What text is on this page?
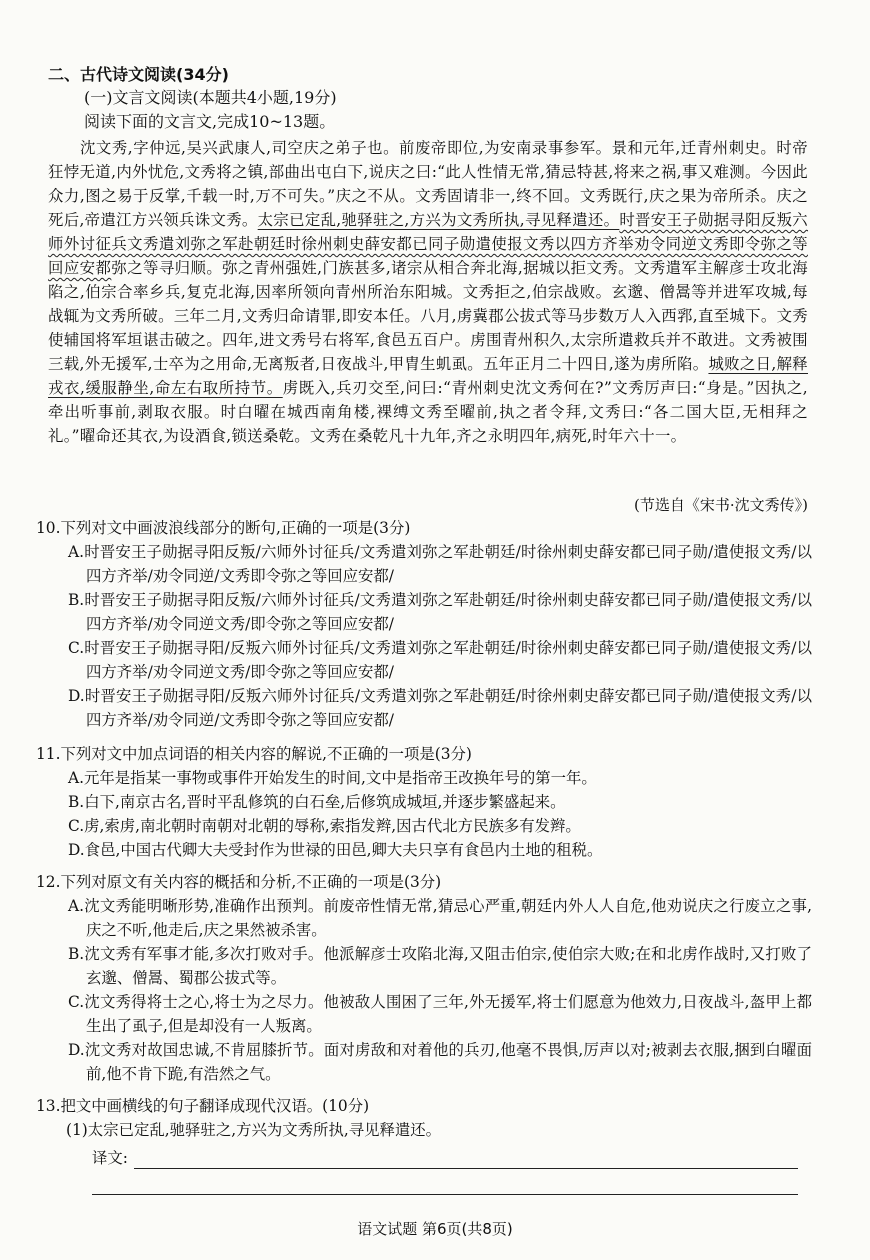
二、古代诗文阅读(34分)
(一)文言文阅读(本题共4小题,19分)
阅读下面的文言文,完成10~13题。
沈文秀,字仲远,吴兴武康人,司空庆之弟子也。前废帝即位,为安南录事参军。景和元年,迁青州刺史。时帝狂悖无道,内外忧危,文秀将之镇,部曲出屯白下,说庆之曰:“此人性情无常,猜忌特甚,将来之祸,事又难测。今因此众力,图之易于反掌,千载一时,万不可失。”庆之不从。文秀固请非一,终不回。文秀既行,庆之果为帝所杀。庆之死后,帝遣江方兴领兵诛文秀。太宗已定乱,驰驿驻之,方兴为文秀所执,寻见释遣还。时晋安王子勋据寻阳反叛六师外讨征兵文秀遣刘弥之军赴朝廷时徐州刺史薛安都已同子勋遣使报文秀以四方齐举劝令同逆文秀即令弥之等回应安都弥之等寻归顺。弥之青州强姓,门族甚多,诸宗从相合奔北海,据城以拒文秀。文秀遣军主解彦士攻北海陷之,伯宗合率乡兵,复克北海,因率所领向青州所治东阳城。文秀拒之,伯宗战败。玄邈、僧暠等并进军攻城,每战辄为文秀所破。三年二月,文秀归命请罪,即安本任。八月,虏冀郡公拔式等马步数万人入西郛,直至城下。文秀使辅国将军垣谌击破之。四年,进文秀号右将军,食邑五百户。虏围青州积久,太宗所遣救兵并不敢进。文秀被围三载,外无援军,士卒为之用命,无离叛者,日夜战斗,甲胄生虮虱。五年正月二十四日,遂为虏所陷。城败之日,解释戎衣,缓服静坐,命左右取所持节。虏既入,兵刃交至,问曰:“青州刺史沈文秀何在?”文秀厉声曰:“身是。”因执之,牵出听事前,剥取衣服。时白曜在城西南角楼,裸缚文秀至曜前,执之者令拜,文秀曰:“各二国大臣,无相拜之礼。”曜命还其衣,为设酒食,锁送桑乾。文秀在桑乾凡十九年,齐之永明四年,病死,时年六十一。
(节选自《宋书·沈文秀传》)

10.下列对文中画波浪线部分的断句,正确的一项是(3分)

A.时晋安王子勋据寻阳反叛/六师外讨征兵/文秀遣刘弥之军赴朝廷/时徐州刺史薛安都已同子勋/遣使报文秀/以四方齐举/劝令同逆/文秀即令弥之等回应安都/

B.时晋安王子勋据寻阳反叛/六师外讨征兵/文秀遣刘弥之军赴朝廷/时徐州刺史薛安都已同子勋/遣使报文秀/以四方齐举/劝令同逆文秀/即令弥之等回应安都/

C.时晋安王子勋据寻阳/反叛六师外讨征兵/文秀遣刘弥之军赴朝廷/时徐州刺史薛安都已同子勋/遣使报文秀/以四方齐举/劝令同逆文秀/即令弥之等回应安都/

D.时晋安王子勋据寻阳/反叛六师外讨征兵/文秀遣刘弥之军赴朝廷/时徐州刺史薛安都已同子勋/遣使报文秀/以四方齐举/劝令同逆/文秀即令弥之等回应安都/

11.下列对文中加点词语的相关内容的解说,不正确的一项是(3分)

A.元年是指某一事物或事件开始发生的时间,文中是指帝王改换年号的第一年。

B.白下,南京古名,晋时平乱修筑的白石垒,后修筑成城垣,并逐步繁盛起来。

C.虏,索虏,南北朝时南朝对北朝的辱称,索指发辫,因古代北方民族多有发辫。

D.食邑,中国古代卿大夫受封作为世禄的田邑,卿大夫只享有食邑内土地的租税。

12.下列对原文有关内容的概括和分析,不正确的一项是(3分)

A.沈文秀能明晰形势,准确作出预判。前废帝性情无常,猜忌心严重,朝廷内外人人自危,他劝说庆之行废立之事,庆之不听,他走后,庆之果然被杀害。

B.沈文秀有军事才能,多次打败对手。他派解彦士攻陷北海,又阻击伯宗,使伯宗大败;在和北虏作战时,又打败了玄邈、僧暠、蜀郡公拔式等。

C.沈文秀得将士之心,将士为之尽力。他被敌人围困了三年,外无援军,将士们愿意为他效力,日夜战斗,盔甲上都生出了虱子,但是却没有一人叛离。

D.沈文秀对故国忠诚,不肯屈膝折节。面对虏敌和对着他的兵刃,他毫不畏惧,厉声以对;被剥去衣服,捆到白曜面前,他不肯下跪,有浩然之气。

13.把文中画横线的句子翻译成现代汉语。(10分)

(1)太宗已定乱,驰驿驻之,方兴为文秀所执,寻见释遣还。

译文:
语文试题 第6页(共8页)
